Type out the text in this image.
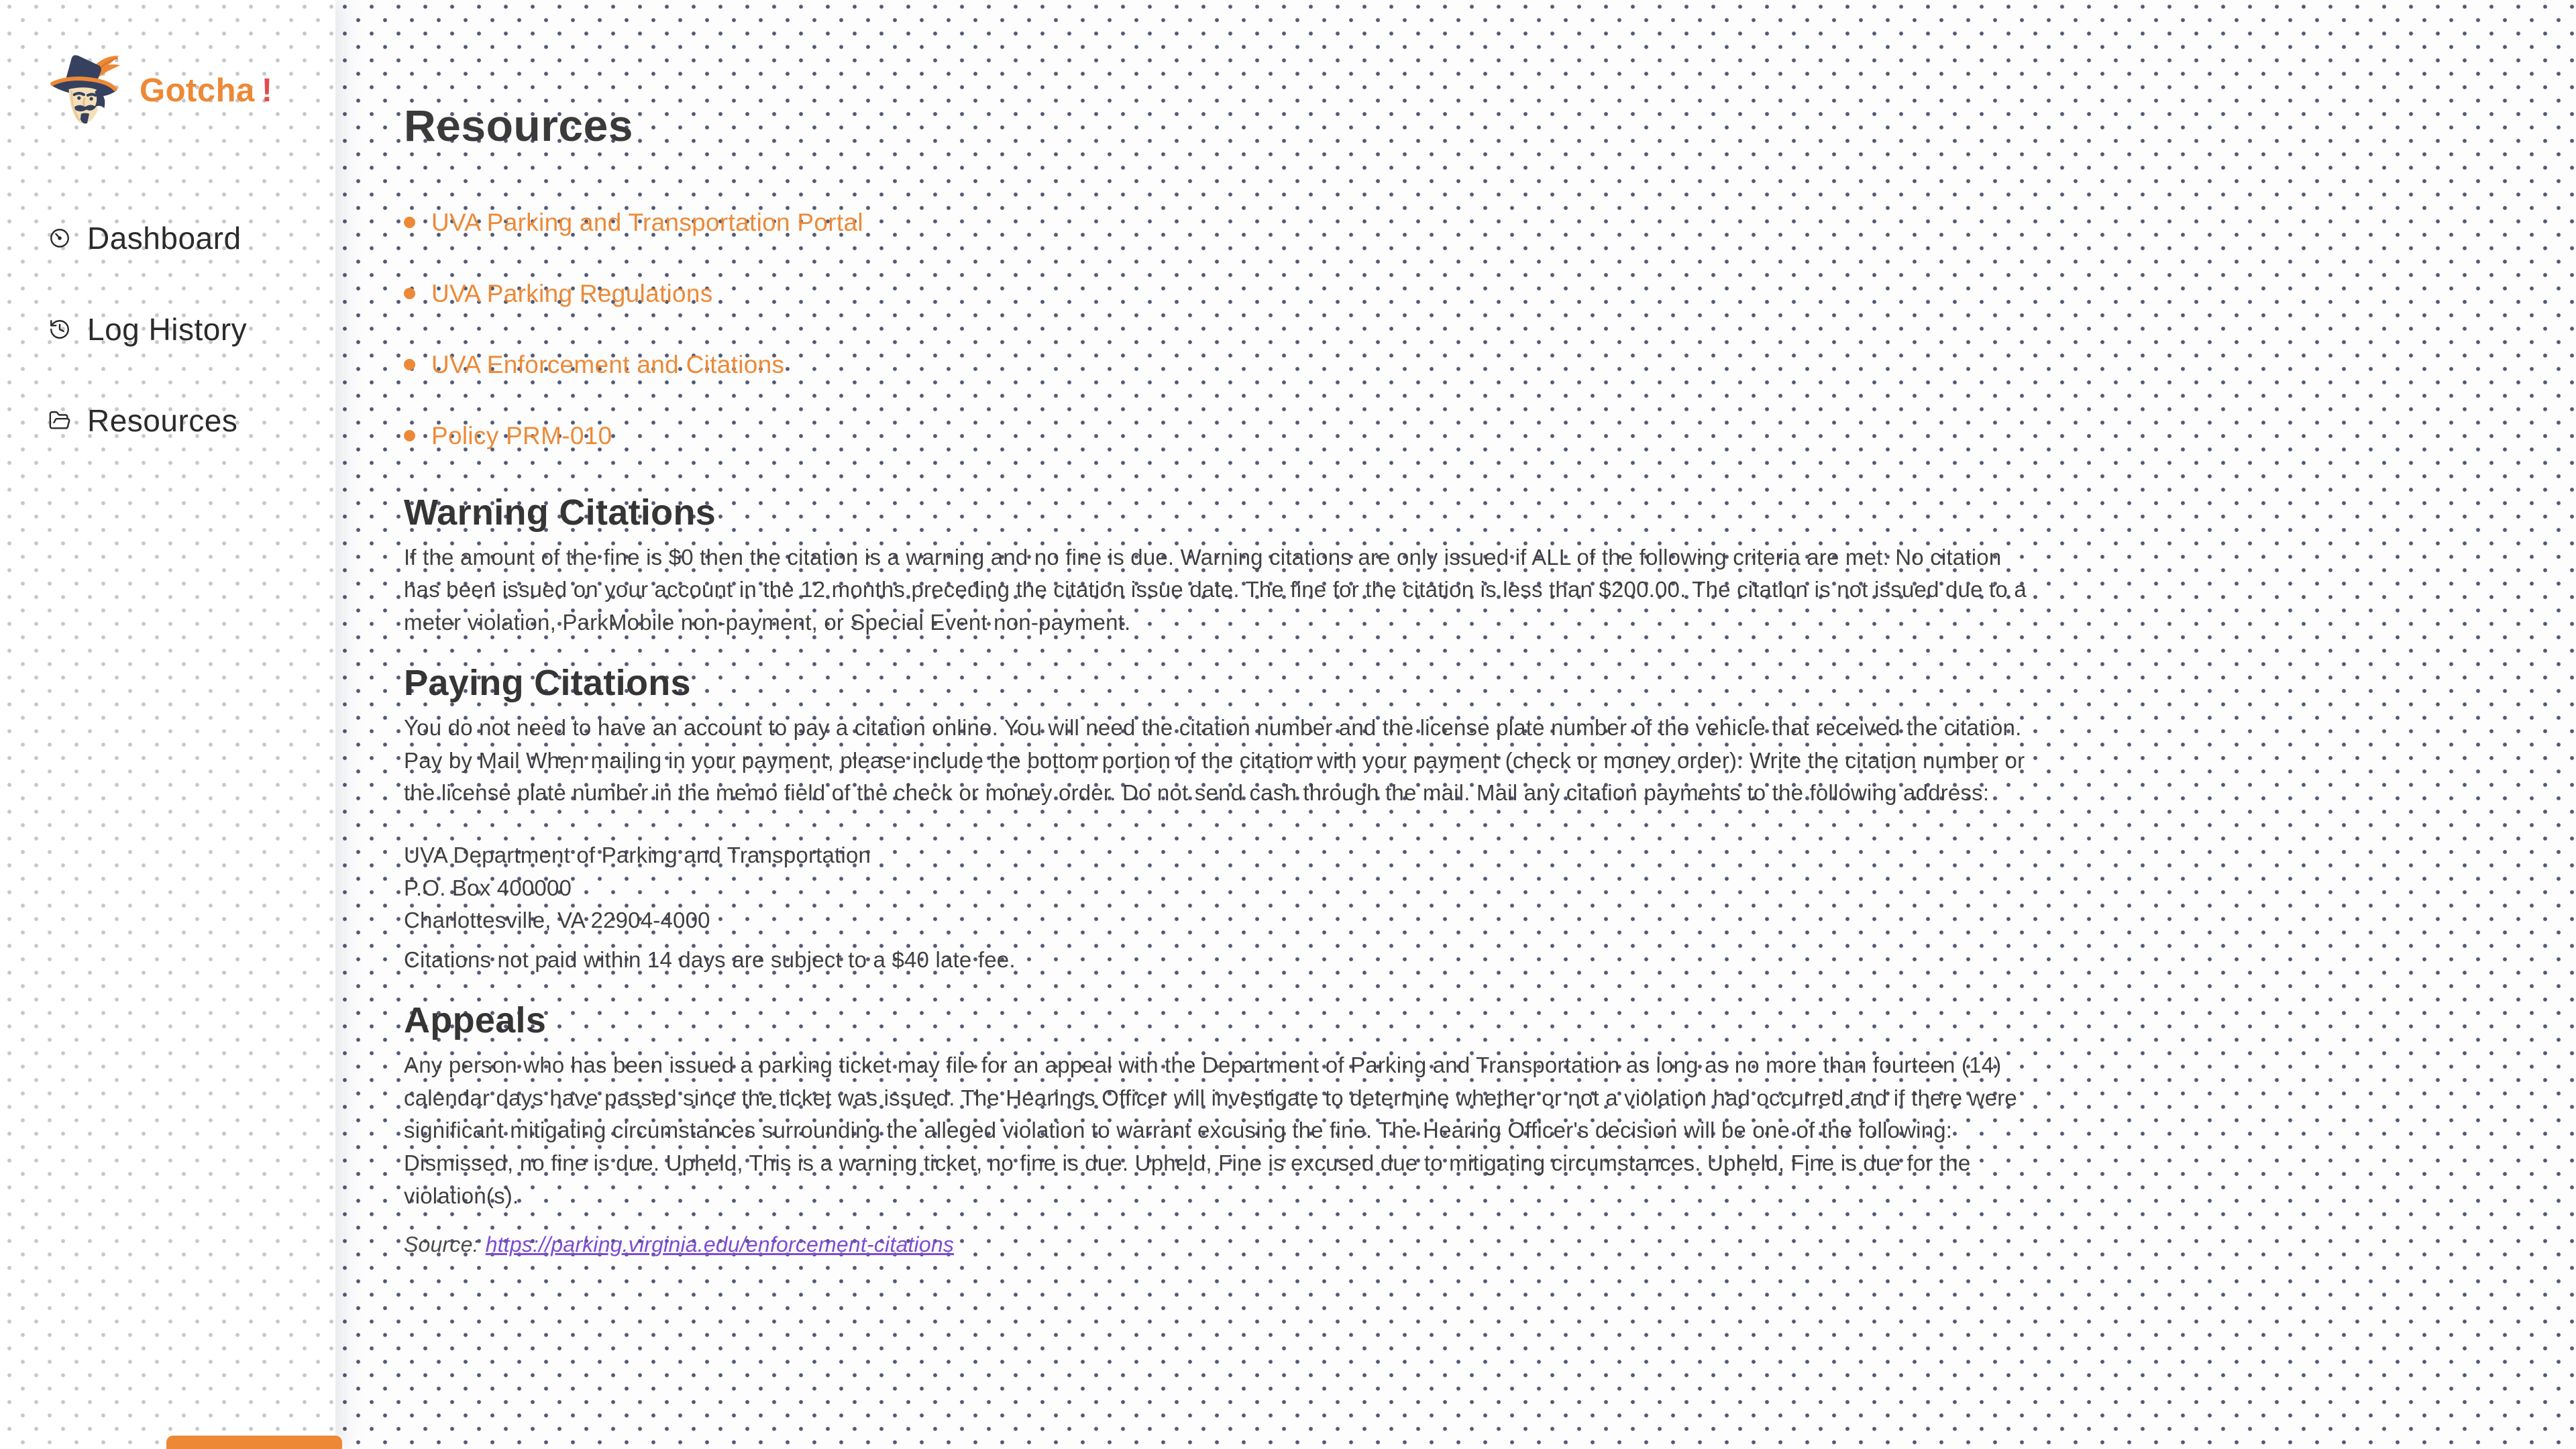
Gotcha !
Dashboard
Log History
Resources
Resources
UVA Parking and Transportation Portal
UVA Parking Regulations
UVA Enforcement and Citations
Policy PRM-010
Warning Citations

If the amount of the fine is $0 then the citation is a warning and no fine is due. Warning citations are only issued if ALL of the following criteria are met: No citation has been issued on your account in the 12 months preceding the citation issue date. The fine for the citation is less than $200.00. The citation is not issued due to a meter violation, ParkMobile non-payment, or Special Event non-payment.

Paying Citations

You do not need to have an account to pay a citation online. You will need the citation number and the license plate number of the vehicle that received the citation.

Pay by Mail When mailing in your payment, please include the bottom portion of the citation with your payment (check or money order). Write the citation number or the license plate number in the memo field of the check or money order. Do not send cash through the mail. Mail any citation payments to the following address:

UVA Department of Parking and Transportation
P.O. Box 400000
Charlottesville, VA 22904-4000

Citations not paid within 14 days are subject to a $40 late fee.

Appeals

Any person who has been issued a parking ticket may file for an appeal with the Department of Parking and Transportation as long as no more than fourteen (14) calendar days have passed since the ticket was issued. The Hearings Officer will investigate to determine whether or not a violation had occurred and if there were significant mitigating circumstances surrounding the alleged violation to warrant excusing the fine. The Hearing Officer's decision will be one of the following: Dismissed, no fine is due. Upheld, This is a warning ticket, no fine is due. Upheld, Fine is excused due to mitigating circumstances. Upheld, Fine is due for the violation(s).

Source: https://parking.virginia.edu/enforcement-citations
